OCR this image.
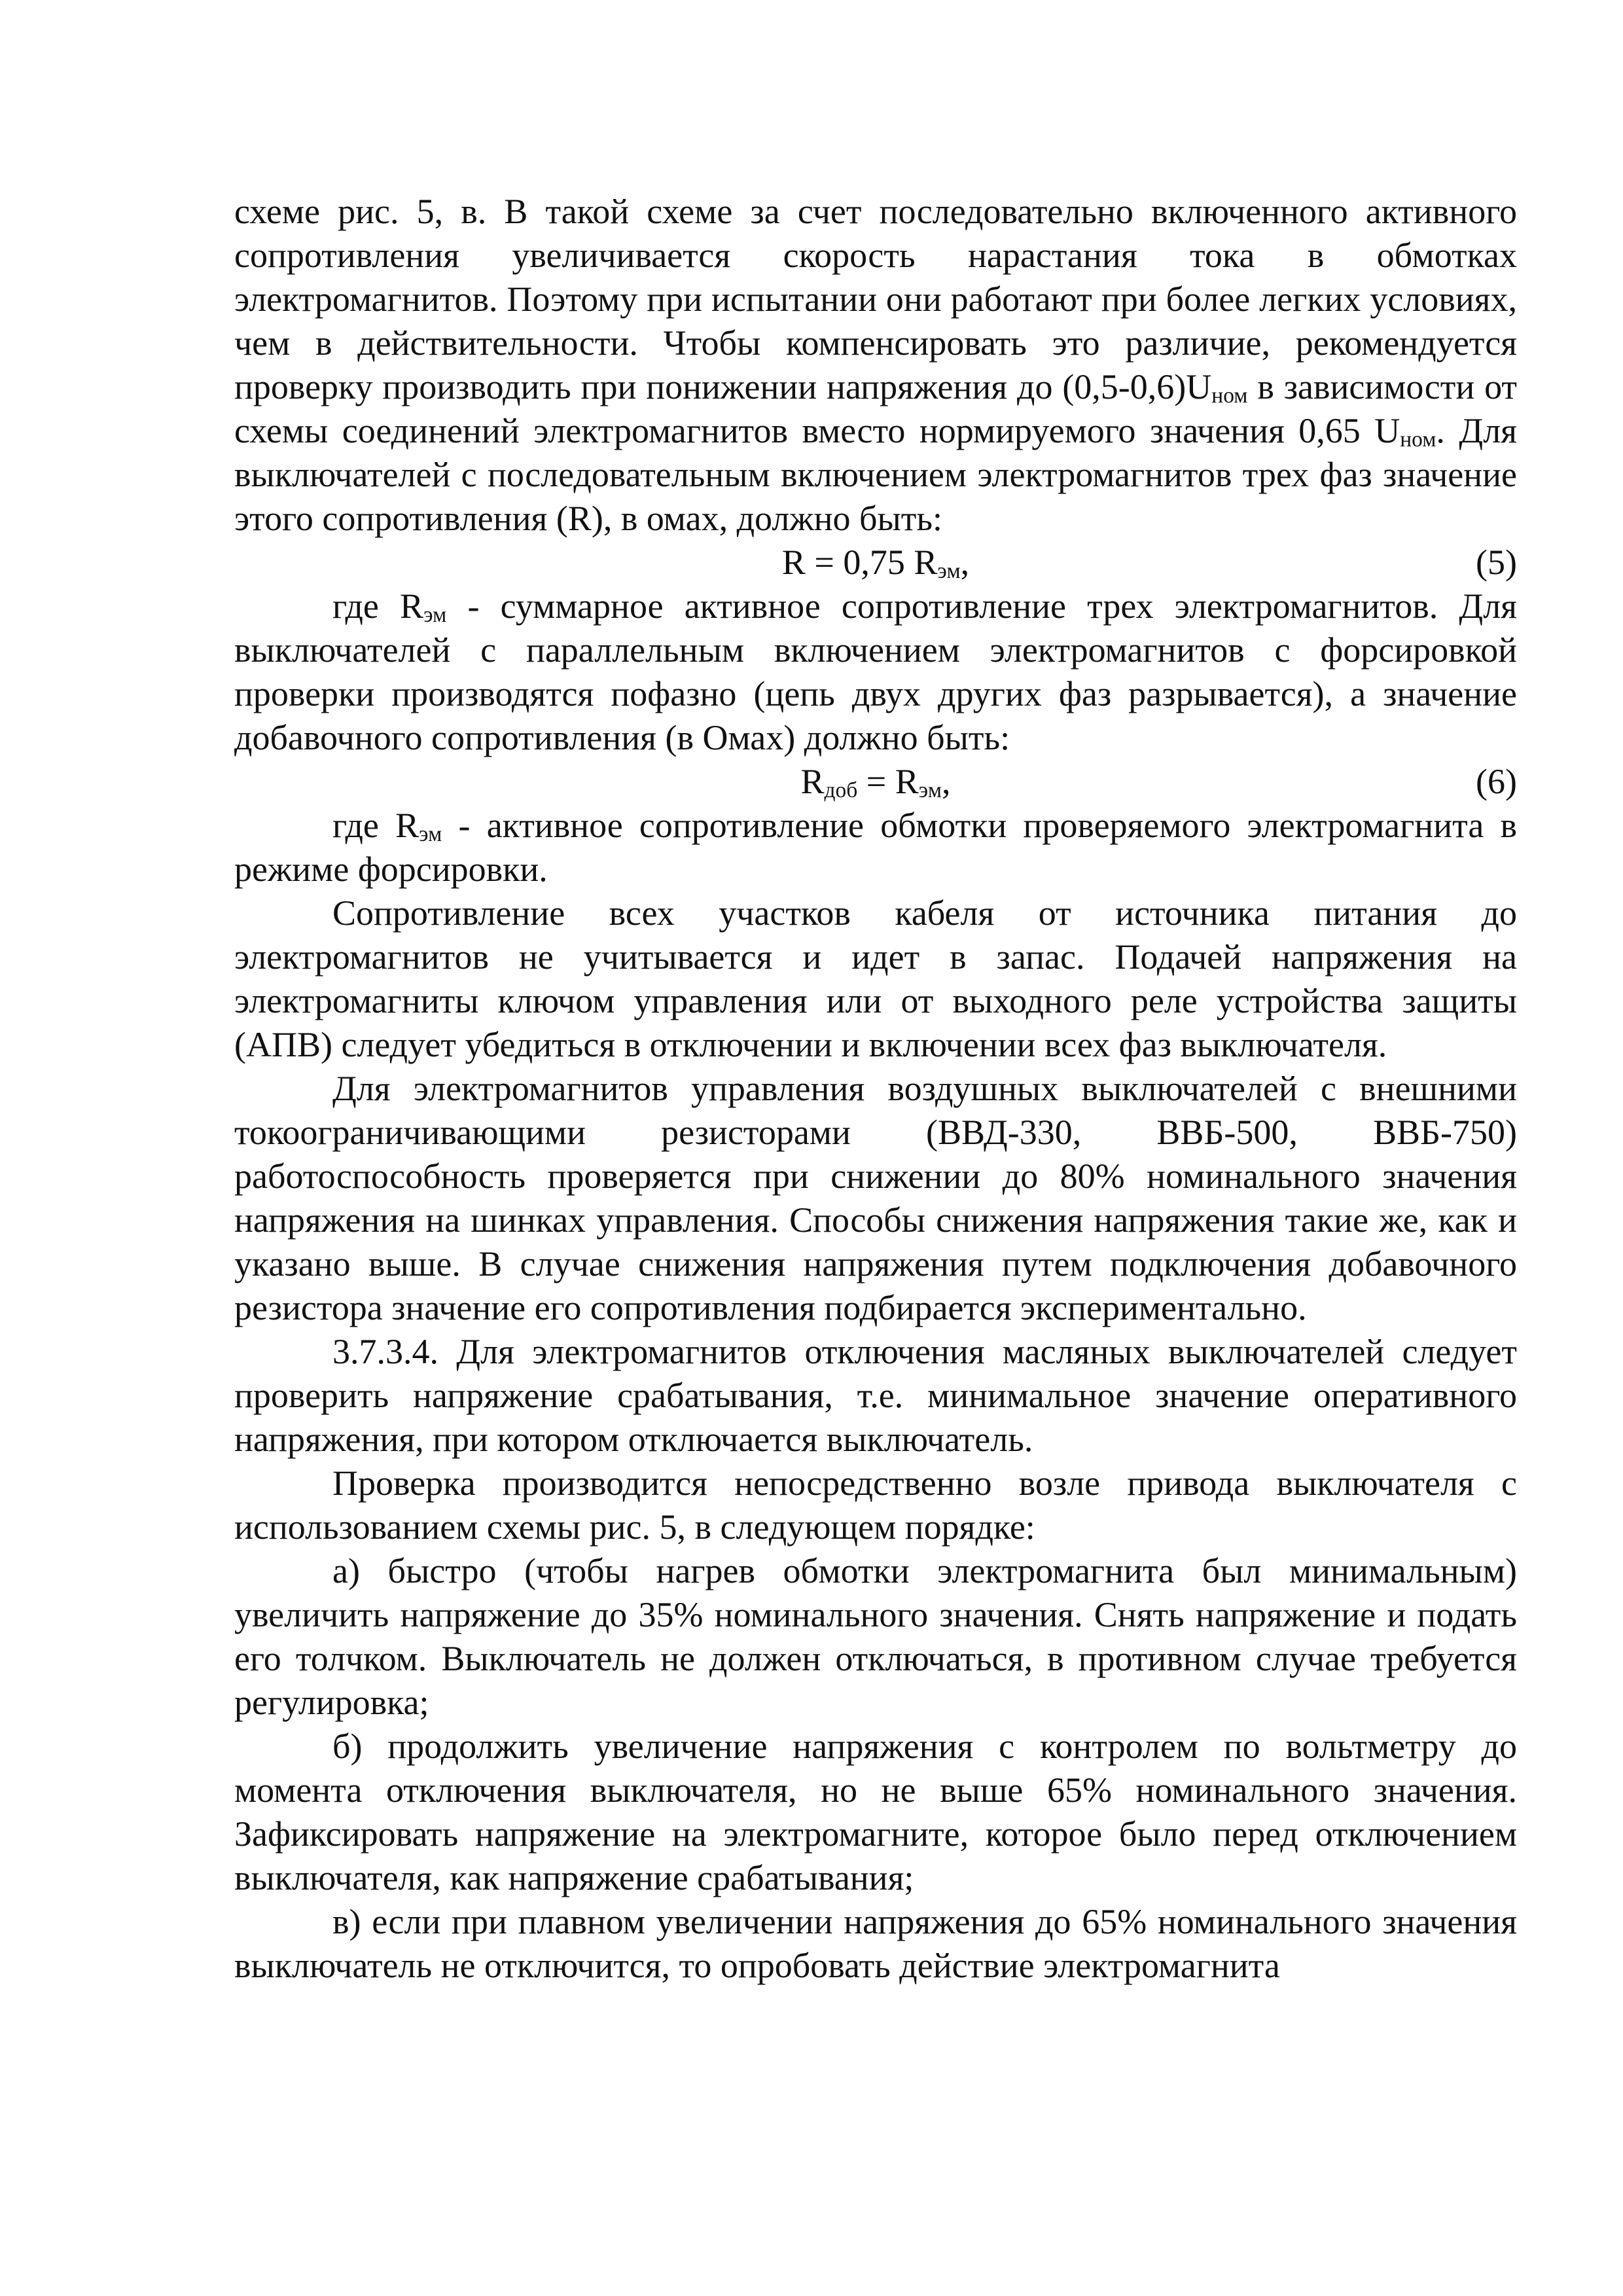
схеме рис. 5, в. В такой схеме за счет последовательно включенного активного сопротивления увеличивается скорость нарастания тока в обмотках электромагнитов. Поэтому при испытании они работают при более легких условиях, чем в действительности. Чтобы компенсировать это различие, рекомендуется проверку производить при понижении напряжения до $(0,5-0,6)U_{ном}$ в зависимости от схемы соединений электромагнитов вместо нормируемого значения 0,65 $U_{ном}$. Для выключателей с последовательным включением электромагнитов трех фаз значение этого сопротивления (R), в омах, должно быть:

R = 0,75 $R_{эм}$,	(5)

где $R_{эм}$ - суммарное активное сопротивление трех электромагнитов. Для выключателей с параллельным включением электромагнитов с форсировкой проверки производятся пофазно (цепь двух других фаз разрывается), а значение добавочного сопротивления (в Омах) должно быть:

$R_{доб} = R_{эм}$,	(6)

где $R_{эм}$ - активное сопротивление обмотки проверяемого электромагнита в режиме форсировки.

Сопротивление всех участков кабеля от источника питания до электромагнитов не учитывается и идет в запас. Подачей напряжения на электромагниты ключом управления или от выходного реле устройства защиты (АПВ) следует убедиться в отключении и включении всех фаз выключателя.

Для электромагнитов управления воздушных выключателей с внешними токоограничивающими резисторами (ВВД-330, ВВБ-500, ВВБ-750) работоспособность проверяется при снижении до 80% номинального значения напряжения на шинках управления. Способы снижения напряжения такие же, как и указано выше. В случае снижения напряжения путем подключения добавочного резистора значение его сопротивления подбирается экспериментально.

3.7.3.4. Для электромагнитов отключения масляных выключателей следует проверить напряжение срабатывания, т.е. минимальное значение оперативного напряжения, при котором отключается выключатель.

Проверка производится непосредственно возле привода выключателя с использованием схемы рис. 5, в следующем порядке:

а) быстро (чтобы нагрев обмотки электромагнита был минимальным) увеличить напряжение до 35% номинального значения. Снять напряжение и подать его толчком. Выключатель не должен отключаться, в противном случае требуется регулировка;

б) продолжить увеличение напряжения с контролем по вольтметру до момента отключения выключателя, но не выше 65% номинального значения. Зафиксировать напряжение на электромагните, которое было перед отключением выключателя, как напряжение срабатывания;

в) если при плавном увеличении напряжения до 65% номинального значения выключатель не отключится, то опробовать действие электромагнита
